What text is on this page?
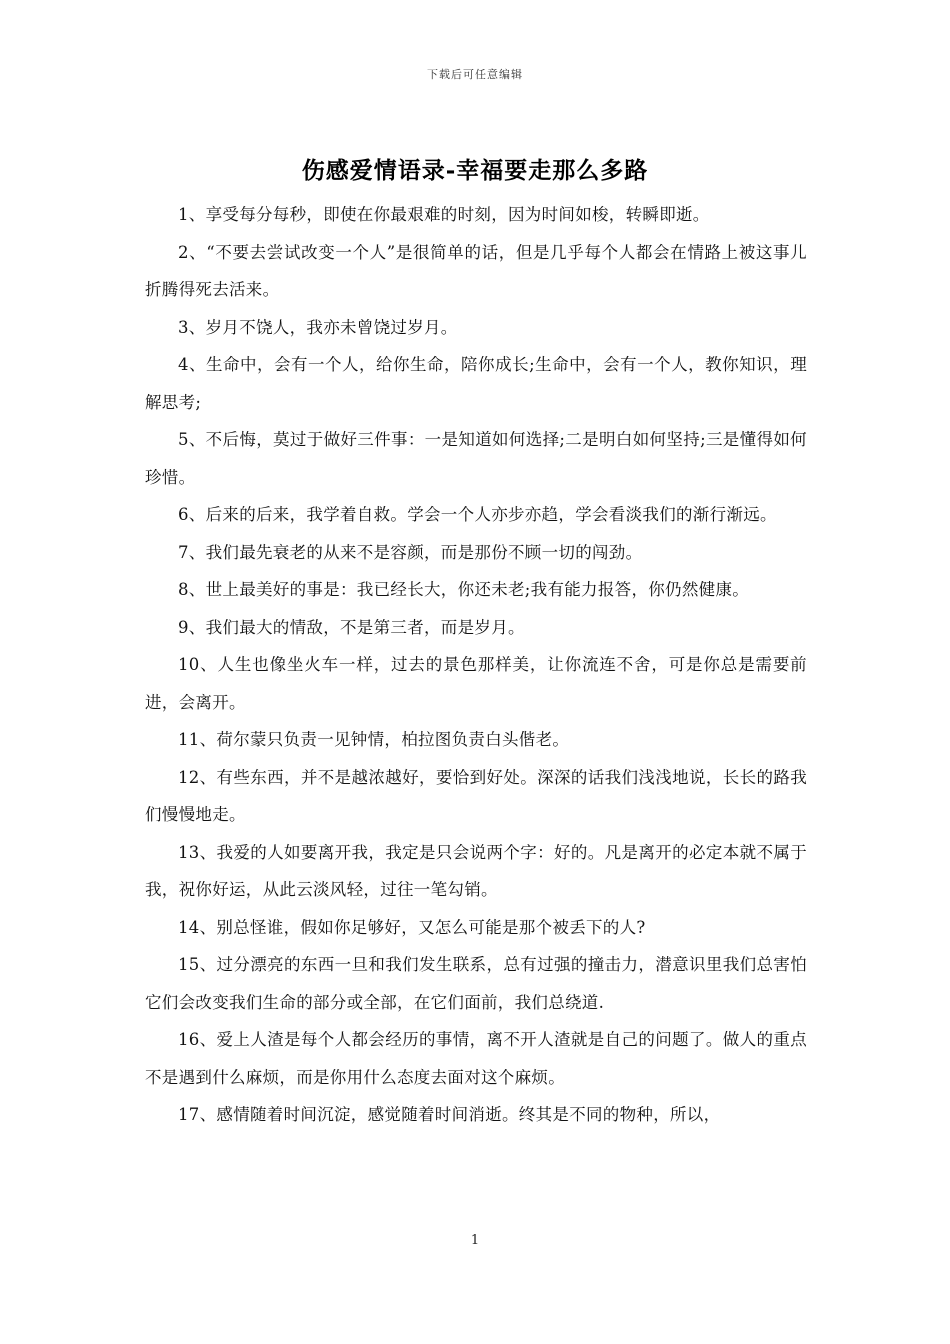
下载后可任意编辑
伤感爱情语录-幸福要走那么多路

1、享受每分每秒，即使在你最艰难的时刻，因为时间如梭，转瞬即逝。

2、“不要去尝试改变一个人”是很简单的话，但是几乎每个人都会在情路上被这事儿折腾得死去活来。

3、岁月不饶人，我亦未曾饶过岁月。

4、生命中，会有一个人，给你生命，陪你成长;生命中，会有一个人，教你知识，理解思考;

5、不后悔，莫过于做好三件事：一是知道如何选择;二是明白如何坚持;三是懂得如何珍惜。

6、后来的后来，我学着自救。学会一个人亦步亦趋，学会看淡我们的渐行渐远。

7、我们最先衰老的从来不是容颜，而是那份不顾一切的闯劲。

8、世上最美好的事是：我已经长大，你还未老;我有能力报答，你仍然健康。

9、我们最大的情敌，不是第三者，而是岁月。

10、人生也像坐火车一样，过去的景色那样美，让你流连不舍，可是你总是需要前进，会离开。

11、荷尔蒙只负责一见钟情，柏拉图负责白头偕老。

12、有些东西，并不是越浓越好，要恰到好处。深深的话我们浅浅地说，长长的路我们慢慢地走。

13、我爱的人如要离开我，我定是只会说两个字：好的。凡是离开的必定本就不属于我，祝你好运，从此云淡风轻，过往一笔勾销。

14、别总怪谁，假如你足够好，又怎么可能是那个被丢下的人?

15、过分漂亮的东西一旦和我们发生联系，总有过强的撞击力，潜意识里我们总害怕它们会改变我们生命的部分或全部，在它们面前，我们总绕道.

16、爱上人渣是每个人都会经历的事情，离不开人渣就是自己的问题了。做人的重点不是遇到什么麻烦，而是你用什么态度去面对这个麻烦。

17、感情随着时间沉淀，感觉随着时间消逝。终其是不同的物种，所以，

1
